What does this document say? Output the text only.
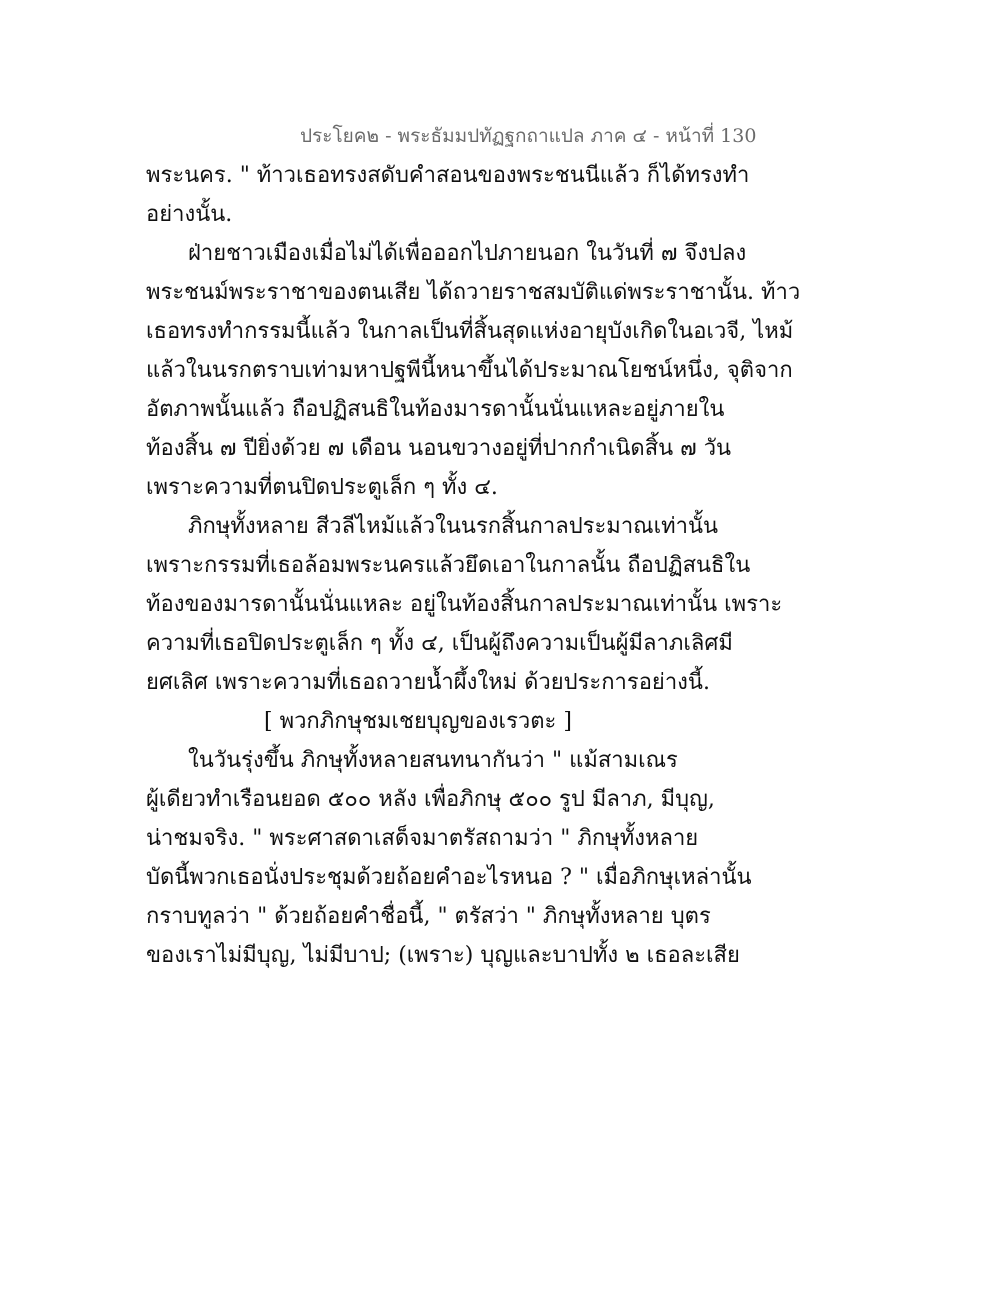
ประโยค๒ - พระธัมมปทัฏฐกถาแปล ภาค ๔ - หน้าที่ 130
พระนคร. " ท้าวเธอทรงสดับคำสอนของพระชนนีแล้ว ก็ได้ทรงทำ
อย่างนั้น.
ฝ่ายชาวเมืองเมื่อไม่ได้เพื่อออกไปภายนอก ในวันที่ ๗ จึงปลง
พระชนม์พระราชาของตนเสีย ได้ถวายราชสมบัติแด่พระราชานั้น. ท้าว
เธอทรงทำกรรมนี้แล้ว ในกาลเป็นที่สิ้นสุดแห่งอายุบังเกิดในอเวจี, ไหม้
แล้วในนรกตราบเท่ามหาปฐพีนี้หนาขึ้นได้ประมาณโยชน์หนึ่ง, จุติจาก
อัตภาพนั้นแล้ว ถือปฏิสนธิในท้องมารดานั้นนั่นแหละอยู่ภายใน
ท้องสิ้น ๗ ปียิ่งด้วย ๗ เดือน นอนขวางอยู่ที่ปากกำเนิดสิ้น ๗ วัน
เพราะความที่ตนปิดประตูเล็ก ๆ ทั้ง ๔.
ภิกษุทั้งหลาย สีวลีไหม้แล้วในนรกสิ้นกาลประมาณเท่านั้น
เพราะกรรมที่เธอล้อมพระนครแล้วยึดเอาในกาลนั้น ถือปฏิสนธิใน
ท้องของมารดานั้นนั่นแหละ อยู่ในท้องสิ้นกาลประมาณเท่านั้น เพราะ
ความที่เธอปิดประตูเล็ก ๆ ทั้ง ๔, เป็นผู้ถึงความเป็นผู้มีลาภเลิศมี
ยศเลิศ เพราะความที่เธอถวายน้ำผึ้งใหม่ ด้วยประการอย่างนี้.
[ พวกภิกษุชมเชยบุญของเรวตะ ]
ในวันรุ่งขึ้น ภิกษุทั้งหลายสนทนากันว่า " แม้สามเณร
ผู้เดียวทำเรือนยอด ๕๐๐ หลัง เพื่อภิกษุ ๕๐๐ รูป มีลาภ, มีบุญ,
น่าชมจริง. " พระศาสดาเสด็จมาตรัสถามว่า " ภิกษุทั้งหลาย
บัดนี้พวกเธอนั่งประชุมด้วยถ้อยคำอะไรหนอ ? " เมื่อภิกษุเหล่านั้น
กราบทูลว่า " ด้วยถ้อยคำชื่อนี้, " ตรัสว่า " ภิกษุทั้งหลาย บุตร
ของเราไม่มีบุญ, ไม่มีบาป; (เพราะ) บุญและบาปทั้ง ๒ เธอละเสีย
